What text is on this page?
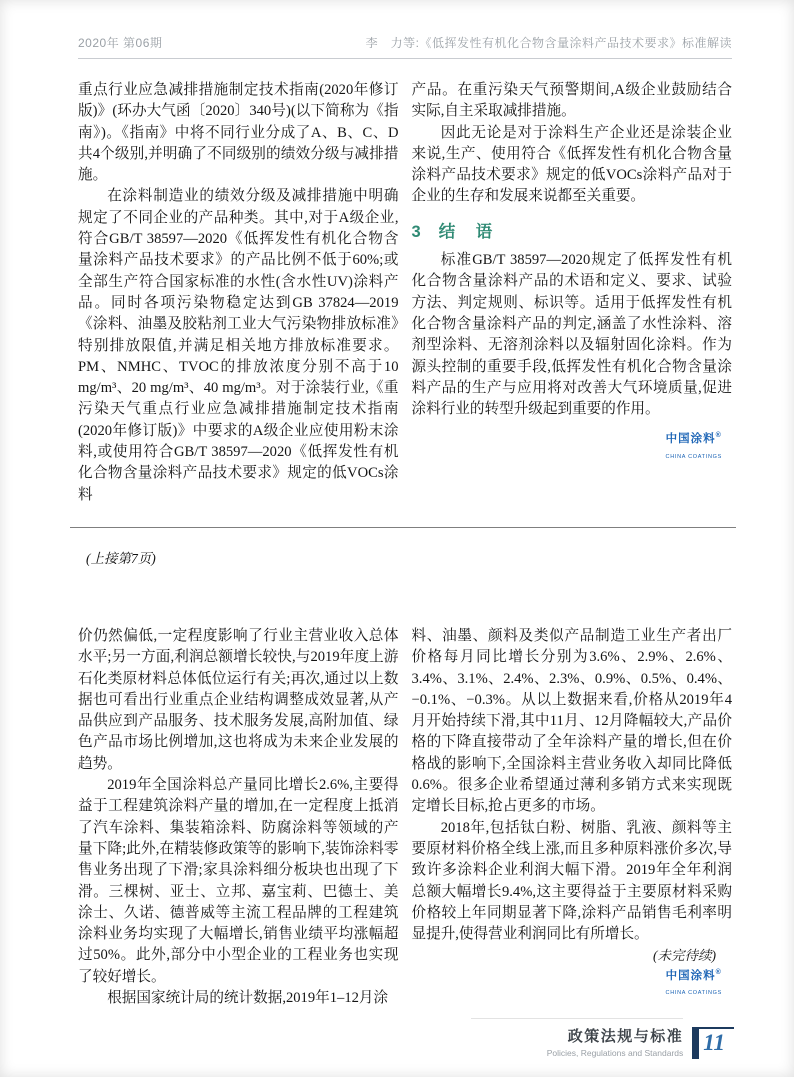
2020年 第06期	李　力等:《低挥发性有机化合物含量涂料产品技术要求》标准解读

重点行业应急减排措施制定技术指南(2020年修订版)》(环办大气函〔2020〕340号)(以下简称为《指南》)。《指南》中将不同行业分成了A、B、C、D共4个级别,并明确了不同级别的绩效分级与减排措施。

在涂料制造业的绩效分级及减排措施中明确规定了不同企业的产品种类。其中,对于A级企业,符合GB/T 38597—2020《低挥发性有机化合物含量涂料产品技术要求》的产品比例不低于60%;或全部生产符合国家标准的水性(含水性UV)涂料产品。同时各项污染物稳定达到GB 37824—2019《涂料、油墨及胶粘剂工业大气污染物排放标准》特别排放限值,并满足相关地方排放标准要求。PM、NMHC、TVOC的排放浓度分别不高于10 mg/m³、20 mg/m³、40 mg/m³。对于涂装行业,《重污染天气重点行业应急减排措施制定技术指南(2020年修订版)》中要求的A级企业应使用粉末涂料,或使用符合GB/T 38597—2020《低挥发性有机化合物含量涂料产品技术要求》规定的低VOCs涂料

产品。在重污染天气预警期间,A级企业鼓励结合实际,自主采取减排措施。

因此无论是对于涂料生产企业还是涂装企业来说,生产、使用符合《低挥发性有机化合物含量涂料产品技术要求》规定的低VOCs涂料产品对于企业的生存和发展来说都至关重要。

3 结　语

标准GB/T 38597—2020规定了低挥发性有机化合物含量涂料产品的术语和定义、要求、试验方法、判定规则、标识等。适用于低挥发性有机化合物含量涂料产品的判定,涵盖了水性涂料、溶剂型涂料、无溶剂涂料以及辐射固化涂料。作为源头控制的重要手段,低挥发性有机化合物含量涂料产品的生产与应用将对改善大气环境质量,促进涂料行业的转型升级起到重要的作用。

中国涂料®
CHINA COATINGS
(上接第7页)

价仍然偏低,一定程度影响了行业主营业收入总体水平;另一方面,利润总额增长较快,与2019年度上游石化类原材料总体低位运行有关;再次,通过以上数据也可看出行业重点企业结构调整成效显著,从产品供应到产品服务、技术服务发展,高附加值、绿色产品市场比例增加,这也将成为未来企业发展的趋势。

2019年全国涂料总产量同比增长2.6%,主要得益于工程建筑涂料产量的增加,在一定程度上抵消了汽车涂料、集装箱涂料、防腐涂料等领域的产量下降;此外,在精装修政策等的影响下,装饰涂料零售业务出现了下滑;家具涂料细分板块也出现了下滑。三棵树、亚士、立邦、嘉宝莉、巴德士、美涂士、久诺、德普威等主流工程品牌的工程建筑涂料业务均实现了大幅增长,销售业绩平均涨幅超过50%。此外,部分中小型企业的工程业务也实现了较好增长。

根据国家统计局的统计数据,2019年1–12月涂

料、油墨、颜料及类似产品制造工业生产者出厂价格每月同比增长分别为3.6%、2.9%、2.6%、3.4%、3.1%、2.4%、2.3%、0.9%、0.5%、0.4%、−0.1%、−0.3%。从以上数据来看,价格从2019年4月开始持续下滑,其中11月、12月降幅较大,产品价格的下降直接带动了全年涂料产量的增长,但在价格战的影响下,全国涂料主营业务收入却同比降低0.6%。很多企业希望通过薄利多销方式来实现既定增长目标,抢占更多的市场。

2018年,包括钛白粉、树脂、乳液、颜料等主要原材料价格全线上涨,而且多种原料涨价多次,导致许多涂料企业利润大幅下滑。2019年全年利润总额大幅增长9.4%,这主要得益于主要原材料采购价格较上年同期显著下降,涂料产品销售毛利率明显提升,使得营业利润同比有所增长。

(未完待续)

中国涂料®
CHINA COATINGS
政策法规与标准
Policies, Regulations and Standards 11
